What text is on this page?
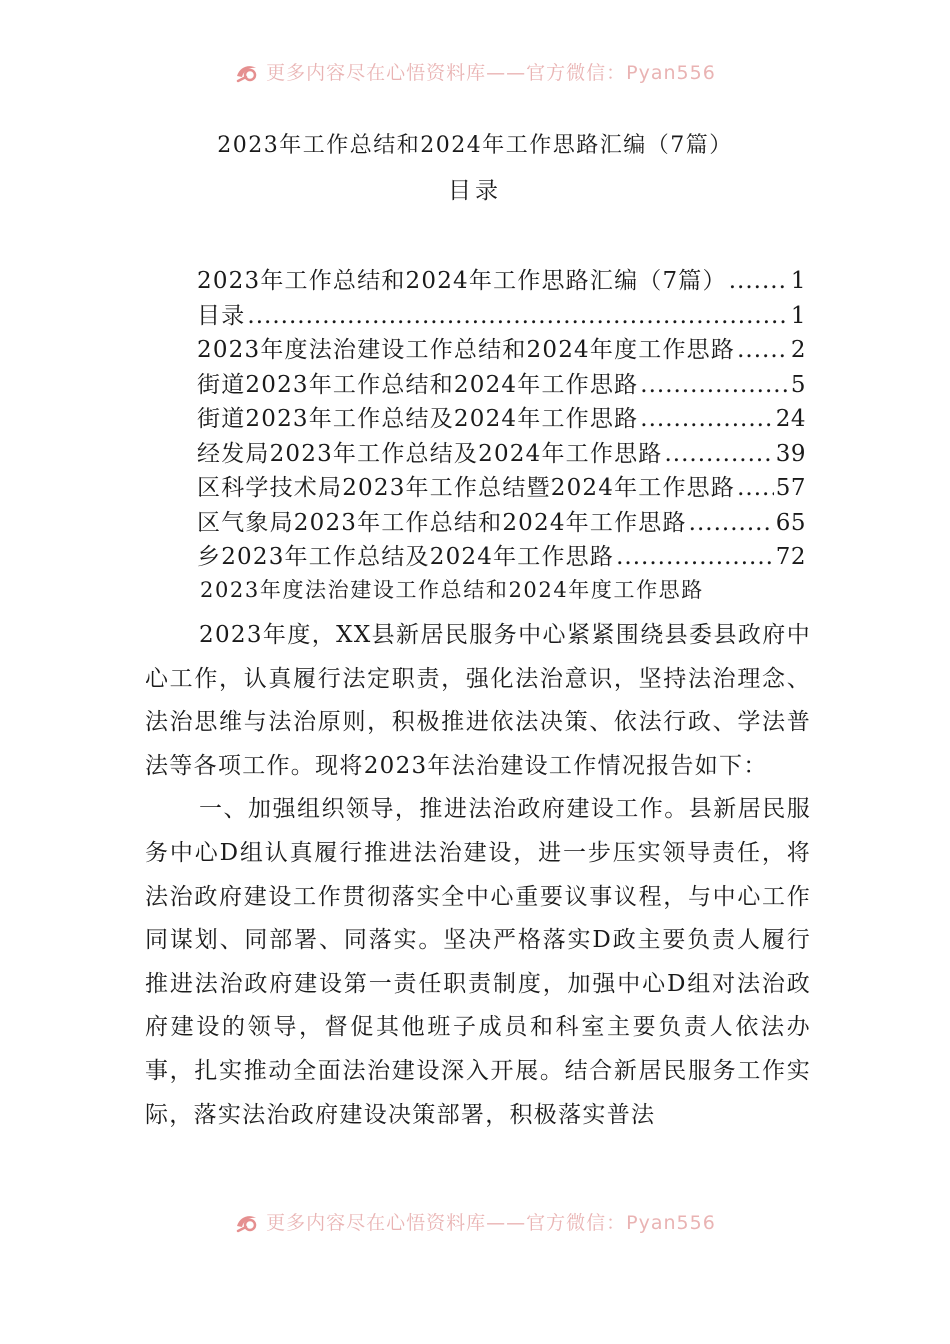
更多内容尽在心悟资料库——官方微信：Pyan556
2023年工作总结和2024年工作思路汇编（7篇）
目录
2023年工作总结和2024年工作思路汇编（7篇） .....	1
目录 .....	1
2023年度法治建设工作总结和2024年度工作思路 ..... 2
街道2023年工作总结和2024年工作思路 .....	5
街道2023年工作总结及2024年工作思路 .....	24
经发局2023年工作总结及2024年工作思路 .....	39
区科学技术局2023年工作总结暨2024年工作思路 ..... 57
区气象局2023年工作总结和2024年工作思路 .....	65
乡2023年工作总结及2024年工作思路 .....	72
2023年度法治建设工作总结和2024年度工作思路

2023年度，XX县新居民服务中心紧紧围绕县委县政府中心工作，认真履行法定职责，强化法治意识，坚持法治理念、法治思维与法治原则，积极推进依法决策、依法行政、学法普法等各项工作。现将2023年法治建设工作情况报告如下：

一、加强组织领导，推进法治政府建设工作。县新居民服务中心D组认真履行推进法治建设，进一步压实领导责任，将法治政府建设工作贯彻落实全中心重要议事议程，与中心工作同谋划、同部署、同落实。坚决严格落实D政主要负责人履行推进法治政府建设第一责任职责制度，加强中心D组对法治政府建设的领导，督促其他班子成员和科室主要负责人依法办事，扎实推动全面法治建设深入开展。结合新居民服务工作实际，落实法治政府建设决策部署，积极落实普法

更多内容尽在心悟资料库——官方微信：Pyan556
